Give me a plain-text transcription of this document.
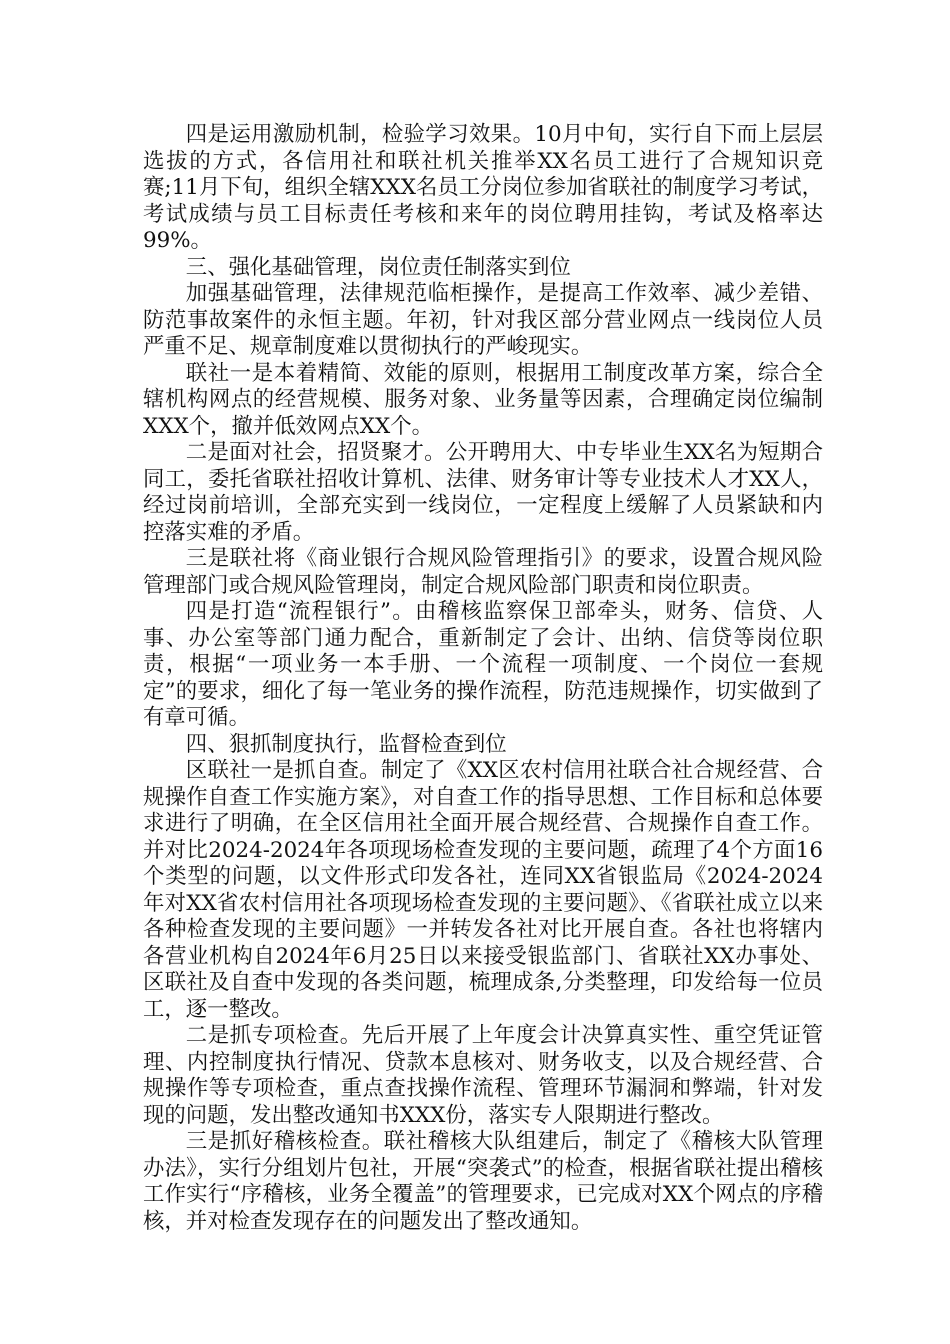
四是运用激励机制，检验学习效果。10月中旬，实行自下而上层层选拔的方式，各信用社和联社机关推举XX名员工进行了合规知识竞赛;11月下旬，组织全辖XXX名员工分岗位参加省联社的制度学习考试，考试成绩与员工目标责任考核和来年的岗位聘用挂钩，考试及格率达99%。

三、强化基础管理，岗位责任制落实到位

加强基础管理，法律规范临柜操作，是提高工作效率、减少差错、防范事故案件的永恒主题。年初，针对我区部分营业网点一线岗位人员严重不足、规章制度难以贯彻执行的严峻现实。

联社一是本着精简、效能的原则，根据用工制度改革方案，综合全辖机构网点的经营规模、服务对象、业务量等因素，合理确定岗位编制XXX个，撤并低效网点XX个。

二是面对社会，招贤聚才。公开聘用大、中专毕业生XX名为短期合同工，委托省联社招收计算机、法律、财务审计等专业技术人才XX人，经过岗前培训，全部充实到一线岗位，一定程度上缓解了人员紧缺和内控落实难的矛盾。

三是联社将《商业银行合规风险管理指引》的要求，设置合规风险管理部门或合规风险管理岗，制定合规风险部门职责和岗位职责。

四是打造“流程银行”。由稽核监察保卫部牵头，财务、信贷、人事、办公室等部门通力配合，重新制定了会计、出纳、信贷等岗位职责，根据“一项业务一本手册、一个流程一项制度、一个岗位一套规定”的要求，细化了每一笔业务的操作流程，防范违规操作，切实做到了有章可循。

四、狠抓制度执行，监督检查到位

区联社一是抓自查。制定了《XX区农村信用社联合社合规经营、合规操作自查工作实施方案》，对自查工作的指导思想、工作目标和总体要求进行了明确，在全区信用社全面开展合规经营、合规操作自查工作。并对比2024-2024年各项现场检查发现的主要问题，疏理了4个方面16个类型的问题，以文件形式印发各社，连同XX省银监局《2024-2024年对XX省农村信用社各项现场检查发现的主要问题》、《省联社成立以来各种检查发现的主要问题》一并转发各社对比开展自查。各社也将辖内各营业机构自2024年6月25日以来接受银监部门、省联社XX办事处、区联社及自查中发现的各类问题，梳理成条,分类整理，印发给每一位员工，逐一整改。

二是抓专项检查。先后开展了上年度会计决算真实性、重空凭证管理、内控制度执行情况、贷款本息核对、财务收支，以及合规经营、合规操作等专项检查，重点查找操作流程、管理环节漏洞和弊端，针对发现的问题，发出整改通知书XXX份，落实专人限期进行整改。

三是抓好稽核检查。联社稽核大队组建后，制定了《稽核大队管理办法》，实行分组划片包社，开展“突袭式”的检查，根据省联社提出稽核工作实行“序稽核，业务全覆盖”的管理要求，已完成对XX个网点的序稽核，并对检查发现存在的问题发出了整改通知。
